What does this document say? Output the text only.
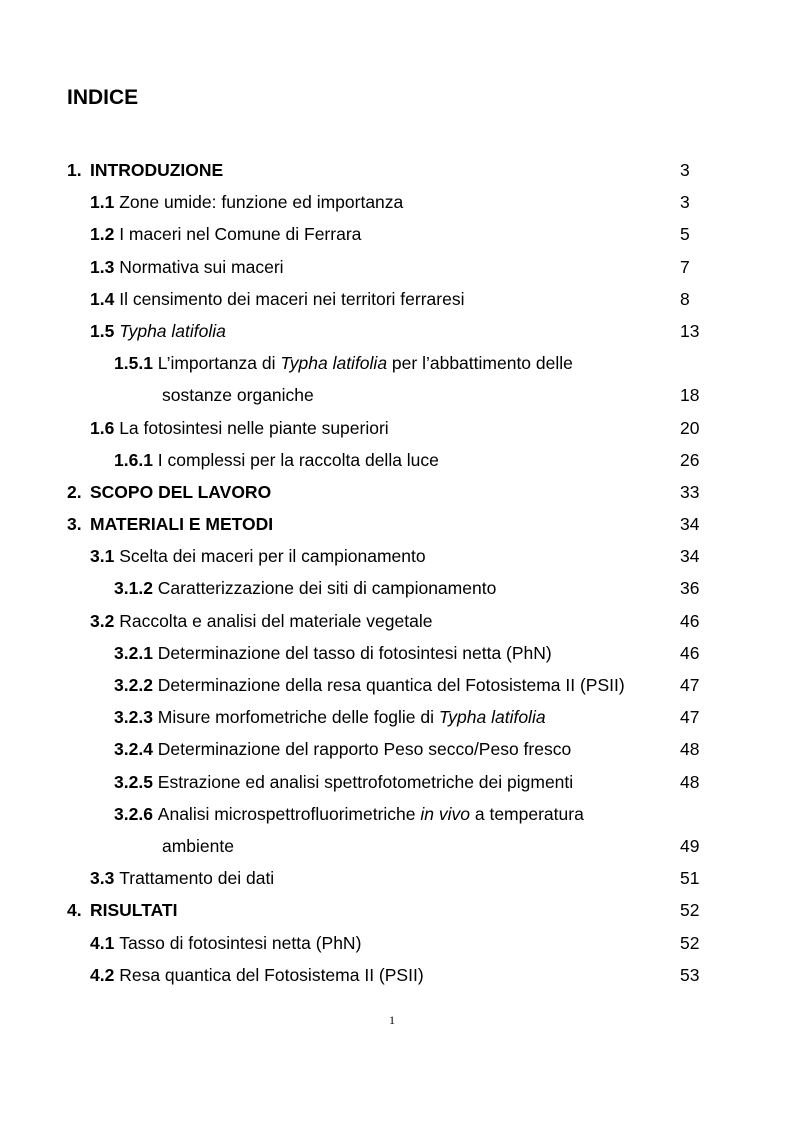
INDICE
1. INTRODUZIONE	3
1.1 Zone umide: funzione ed importanza	3
1.2 I maceri nel Comune di Ferrara	5
1.3 Normativa sui maceri	7
1.4 Il censimento dei maceri nei territori ferraresi	8
1.5 Typha latifolia	13
1.5.1 L’importanza di Typha latifolia per l’abbattimento delle
sostanze organiche	18
1.6 La fotosintesi nelle piante superiori	20
1.6.1 I complessi per la raccolta della luce	26
2. SCOPO DEL LAVORO	33
3. MATERIALI E METODI	34
3.1 Scelta dei maceri per il campionamento	34
3.1.2 Caratterizzazione dei siti di campionamento	36
3.2 Raccolta e analisi del materiale vegetale	46
3.2.1 Determinazione del tasso di fotosintesi netta (PhN)	46
3.2.2 Determinazione della resa quantica del Fotosistema II (PSII)	47
3.2.3 Misure morfometriche delle foglie di Typha latifolia	47
3.2.4 Determinazione del rapporto Peso secco/Peso fresco	48
3.2.5 Estrazione ed analisi spettrofotometriche dei pigmenti	48
3.2.6 Analisi microspettrofluorimetriche in vivo a temperatura
ambiente	49
3.3 Trattamento dei dati	51
4. RISULTATI	52
4.1 Tasso di fotosintesi netta (PhN)	52
4.2 Resa quantica del Fotosistema II (PSII)	53

1
